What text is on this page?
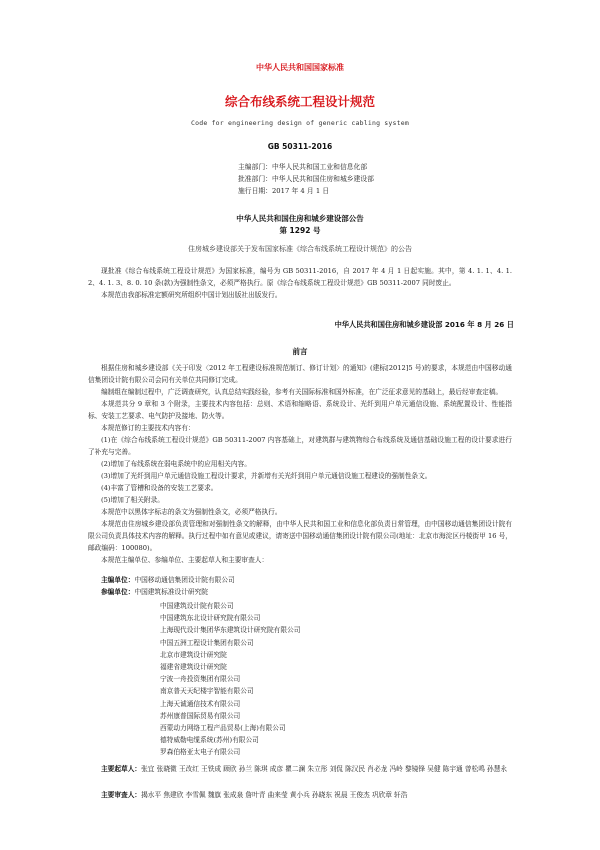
中华人民共和国国家标准
综合布线系统工程设计规范
Code for engineering design of generic cabling system
GB 50311-2016
主编部门：中华人民共和国工业和信息化部
批准部门：中华人民共和国住房和城乡建设部
施行日期：2017 年 4 月 1 日
中华人民共和国住房和城乡建设部公告
第 1292 号
住房城乡建设部关于发布国家标准《综合布线系统工程设计规范》的公告

现批准《综合布线系统工程设计规范》为国家标准，编号为 GB 50311-2016，自 2017 年 4 月 1 日起实施。其中，第 4. 1. 1、4. 1. 2、4. 1. 3、8. 0. 10 条(款)为强制性条文，必须严格执行。原《综合布线系统工程设计规范》GB 50311-2007 同时废止。

本规范由我部标准定额研究所组织中国计划出版社出版发行。

中华人民共和国住房和城乡建设部 2016 年 8 月 26 日
前言

根据住房和城乡建设部《关于印发〈2012 年工程建设标准规范制订、修订计划〉的通知》(建标[2012]5 号)的要求，本规范由中国移动通信集团设计院有限公司会同有关单位共同修订完成。

编制组在编制过程中，广泛调查研究，认真总结实践经验，参考有关国际标准和国外标准，在广泛征求意见的基础上，最后经审查定稿。

本规范共分 9 章和 3 个附录，主要技术内容包括：总则、术语和缩略语、系统设计、光纤到用户单元通信设施、系统配置设计、性能指标、安装工艺要求、电气防护及接地、防火等。

本规范修订的主要技术内容有：

(1)在《综合布线系统工程设计规范》GB 50311-2007 内容基础上，对建筑群与建筑物综合布线系统及通信基础设施工程的设计要求进行了补充与完善。

(2)增加了布线系统在弱电系统中的应用相关内容。

(3)增加了光纤到用户单元通信设施工程设计要求，并新增有关光纤到用户单元通信设施工程建设的强制性条文。

(4)丰富了管槽和设备的安装工艺要求。

(5)增加了相关附录。

本规范中以黑体字标志的条文为强制性条文，必须严格执行。

本规范由住房城乡建设部负责管理和对强制性条文的解释，由中华人民共和国工业和信息化部负责日常管理，由中国移动通信集团设计院有限公司负责具体技术内容的解释。执行过程中如有意见或建议，请寄送中国移动通信集团设计院有限公司(地址：北京市海淀区丹棱街甲 16 号，邮政编码：100080)。

本规范主编单位、参编单位、主要起草人和主要审查人：

主编单位：中国移动通信集团设计院有限公司
参编单位：中国建筑标准设计研究院
中国建筑设计院有限公司
中国建筑东北设计研究院有限公司
上海现代设计集团华东建筑设计研究院有限公司
中国五洲工程设计集团有限公司
北京市建筑设计研究院
福建省建筑设计研究院
宁波一舟投资集团有限公司
南京普天天纪楼宇智能有限公司
上海天诚通信技术有限公司
苏州康普国际贸易有限公司
西蒙动力网络工程产品贸易(上海)有限公司
德特威勒电缆系统(苏州)有限公司
罗森伯格亚太电子有限公司

主要起草人：张宜 张晓微 王改红 王铁成 顾欣 孙兰 陈琪 成彦 瞿二澜 朱立彤 刘侃 陈汉民 肖必龙 冯岭 黎镜锋 吴健 陈宇通 曾松鸣 孙慧永

主要审查人：揭水平 焦建欣 李雪佩 魏旗 张成泉 詹叶青 曲来莹 黄小兵 孙晓东 祝晨 王俊杰 巩欣章 轩浩
